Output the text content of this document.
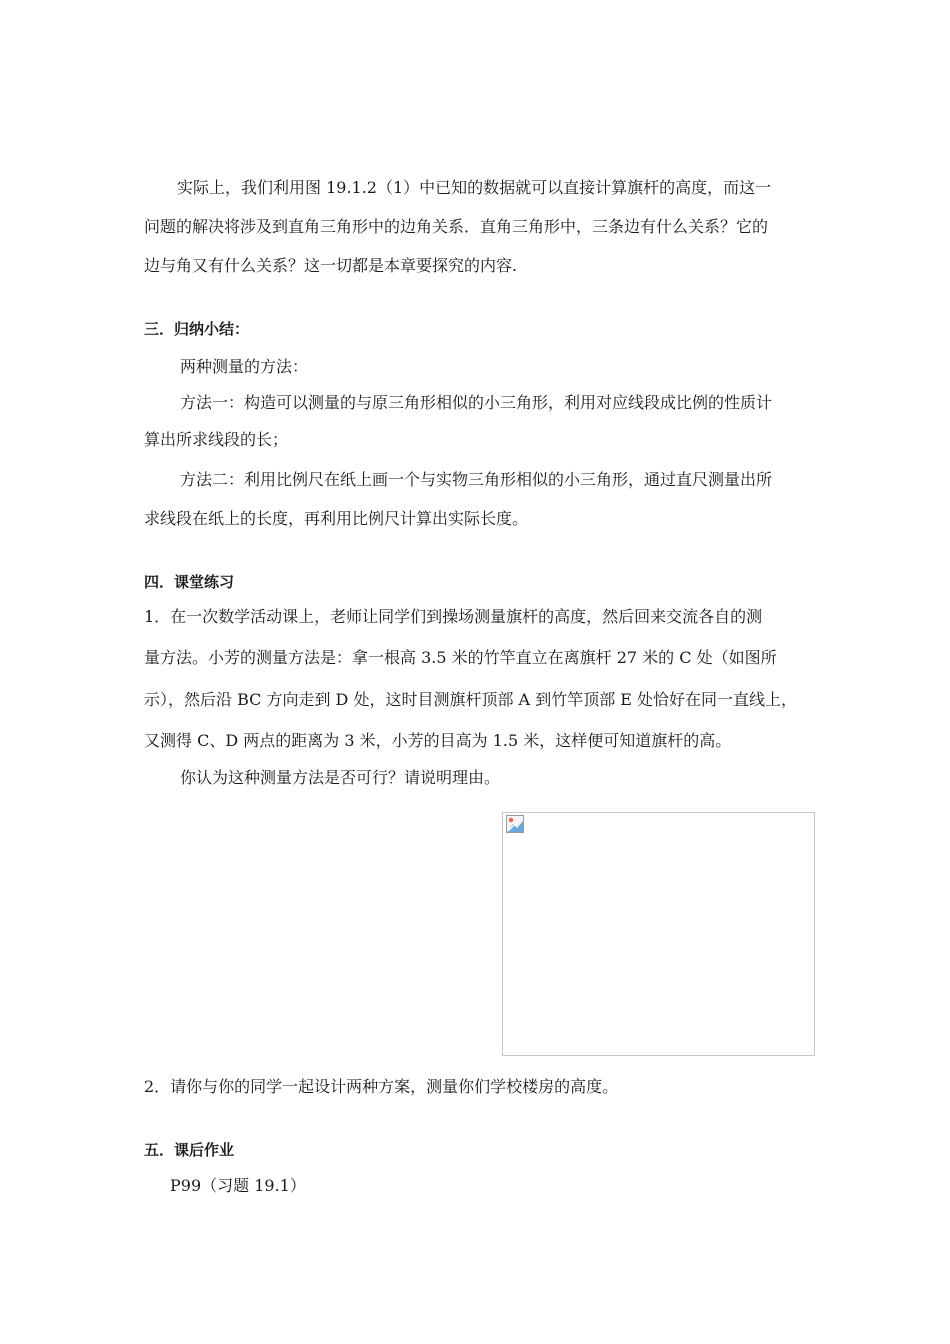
实际上，我们利用图 19.1.2（1）中已知的数据就可以直接计算旗杆的高度，而这一
问题的解决将涉及到直角三角形中的边角关系．直角三角形中，三条边有什么关系？它的
边与角又有什么关系？这一切都是本章要探究的内容.
三．归纳小结：
两种测量的方法：
方法一：构造可以测量的与原三角形相似的小三角形，利用对应线段成比例的性质计
算出所求线段的长；
方法二：利用比例尺在纸上画一个与实物三角形相似的小三角形，通过直尺测量出所
求线段在纸上的长度，再利用比例尺计算出实际长度。
四．课堂练习
1．在一次数学活动课上，老师让同学们到操场测量旗杆的高度，然后回来交流各自的测
量方法。小芳的测量方法是：拿一根高 3.5 米的竹竿直立在离旗杆 27 米的 C 处（如图所
示），然后沿 BC 方向走到 D 处，这时目测旗杆顶部 A 到竹竿顶部 E 处恰好在同一直线上，
又测得 C、D 两点的距离为 3 米，小芳的目高为 1.5 米，这样便可知道旗杆的高。
你认为这种测量方法是否可行？请说明理由。
2．请你与你的同学一起设计两种方案，测量你们学校楼房的高度。
五．课后作业
P99（习题 19.1）
